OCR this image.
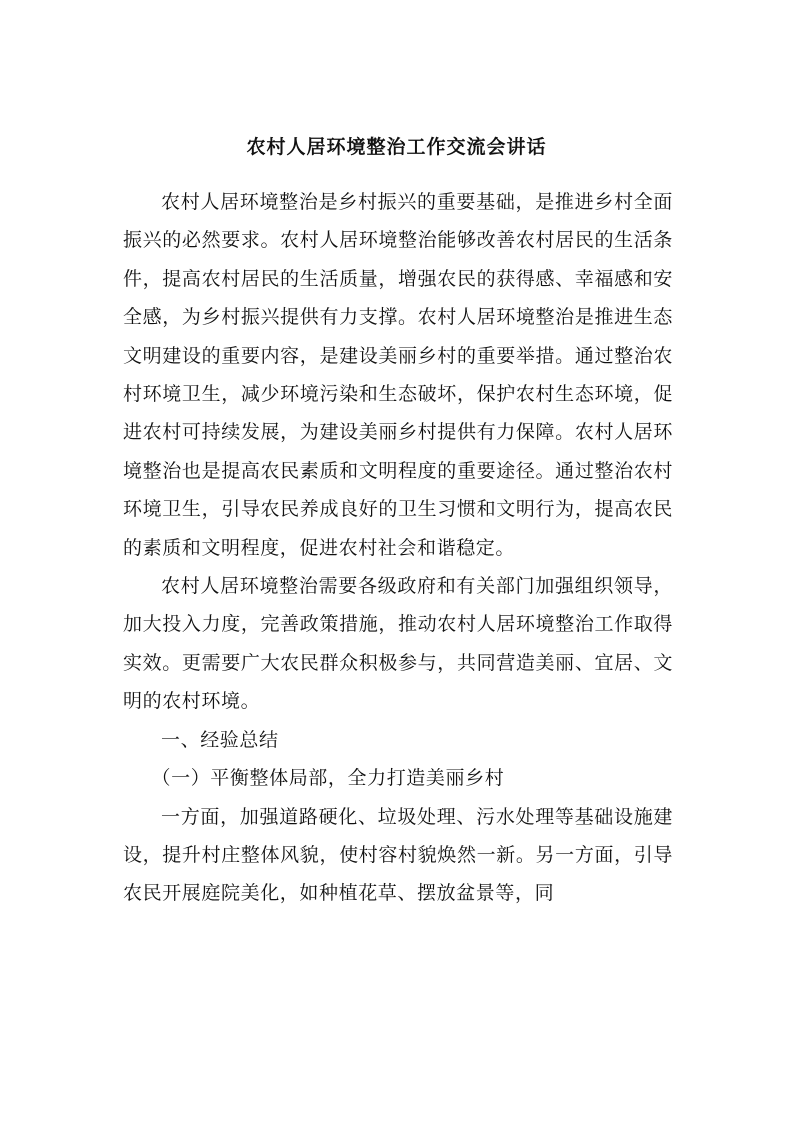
农村人居环境整治工作交流会讲话

农村人居环境整治是乡村振兴的重要基础，是推进乡村全面振兴的必然要求。农村人居环境整治能够改善农村居民的生活条件，提高农村居民的生活质量，增强农民的获得感、幸福感和安全感，为乡村振兴提供有力支撑。农村人居环境整治是推进生态文明建设的重要内容，是建设美丽乡村的重要举措。通过整治农村环境卫生，减少环境污染和生态破坏，保护农村生态环境，促进农村可持续发展，为建设美丽乡村提供有力保障。农村人居环境整治也是提高农民素质和文明程度的重要途径。通过整治农村环境卫生，引导农民养成良好的卫生习惯和文明行为，提高农民的素质和文明程度，促进农村社会和谐稳定。

农村人居环境整治需要各级政府和有关部门加强组织领导，加大投入力度，完善政策措施，推动农村人居环境整治工作取得实效。更需要广大农民群众积极参与，共同营造美丽、宜居、文明的农村环境。

一、经验总结

（一）平衡整体局部，全力打造美丽乡村

一方面，加强道路硬化、垃圾处理、污水处理等基础设施建设，提升村庄整体风貌，使村容村貌焕然一新。另一方面，引导农民开展庭院美化，如种植花草、摆放盆景等，同
